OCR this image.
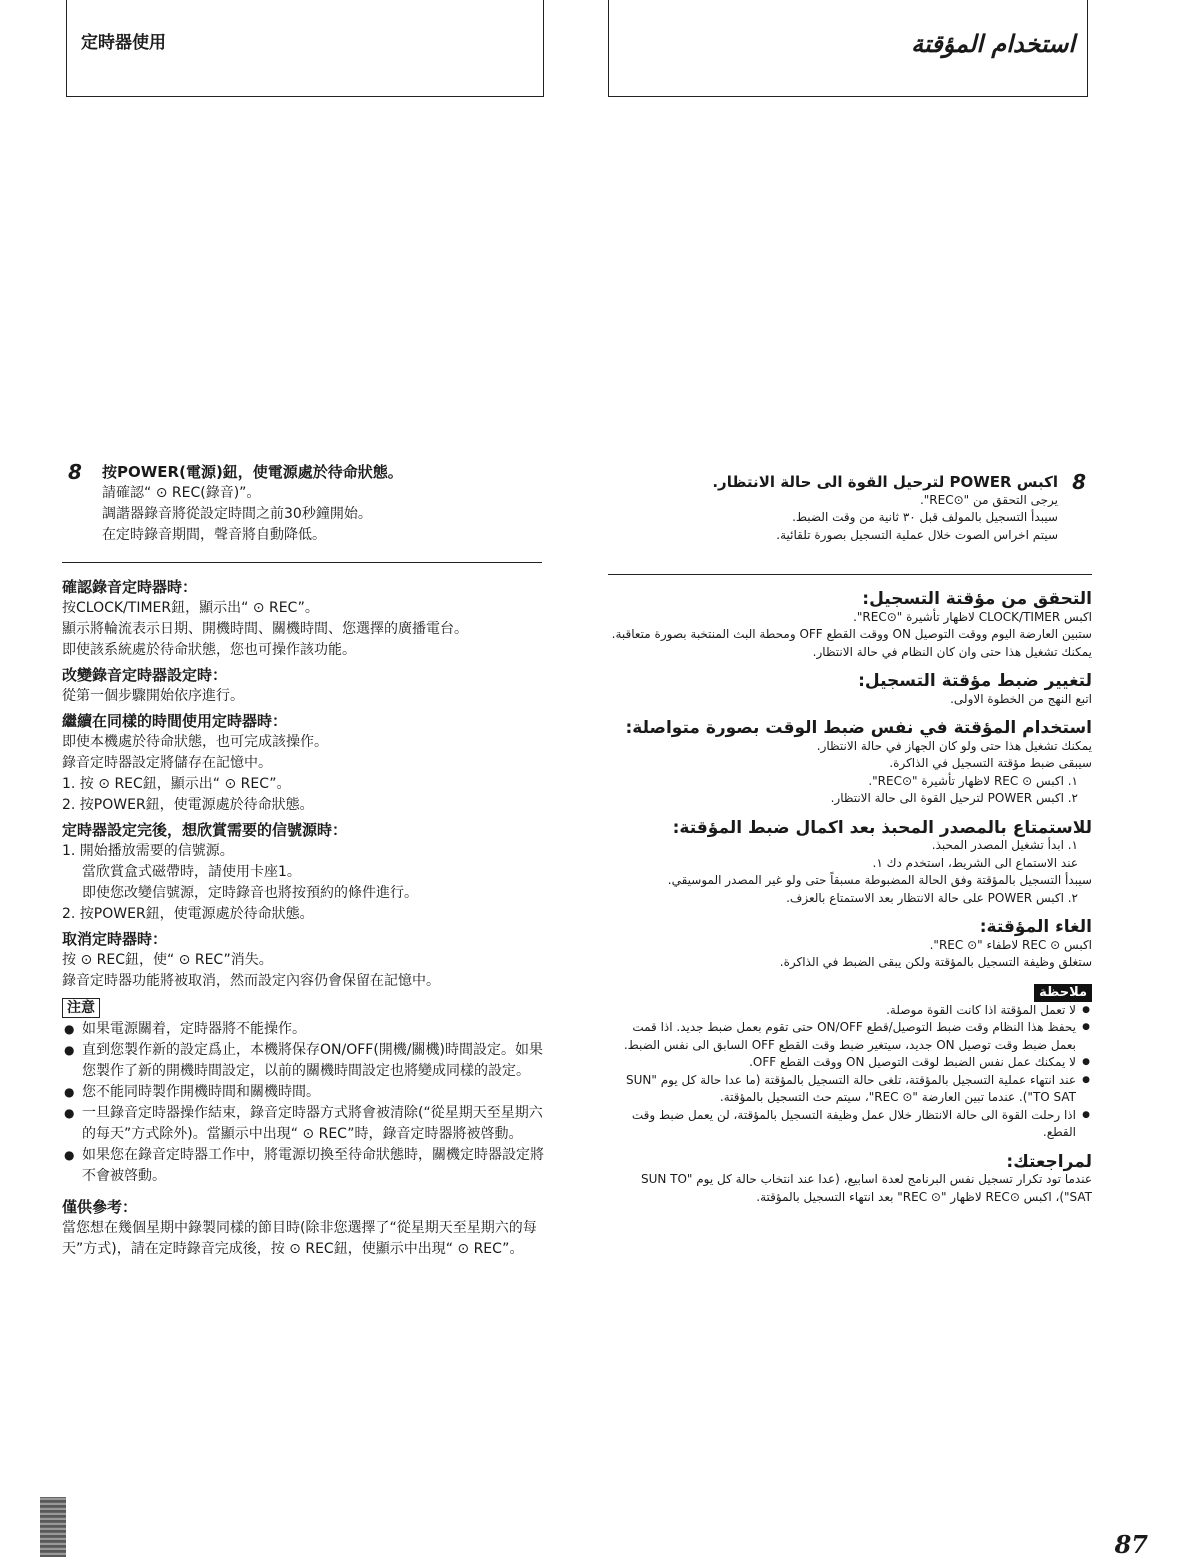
定時器使用	استخدام المؤقتة
8 按POWER(電源)鈕，使電源處於待命狀態。
請確認“ ⊙ REC(錄音)”。
調諧器錄音將從設定時間之前30秒鐘開始。
在定時錄音期間，聲音將自動降低。
確認錄音定時器時：
按CLOCK/TIMER鈕，顯示出“ ⊙ REC”。
顯示將輪流表示日期、開機時間、關機時間、您選擇的廣播電台。
即使該系統處於待命狀態，您也可操作該功能。
改變錄音定時器設定時：
從第一個步驟開始依序進行。
繼續在同樣的時間使用定時器時：
即使本機處於待命狀態，也可完成該操作。
錄音定時器設定將儲存在記憶中。
1. 按 ⊙ REC鈕，顯示出“ ⊙ REC”。
2. 按POWER鈕，使電源處於待命狀態。
定時器設定完後，想欣賞需要的信號源時：
1. 開始播放需要的信號源。
當欣賞盒式磁帶時，請使用卡座1。
即使您改變信號源，定時錄音也將按預約的條件進行。
2. 按POWER鈕，使電源處於待命狀態。
取消定時器時：
按 ⊙ REC鈕，使“ ⊙ REC”消失。
錄音定時器功能將被取消，然而設定內容仍會保留在記憶中。
注意
● 如果電源關着，定時器將不能操作。
● 直到您製作新的設定爲止，本機將保存ON/OFF(開機/關機)時間設定。如果您製作了新的開機時間設定，以前的關機時間設定也將變成同樣的設定。
● 您不能同時製作開機時間和關機時間。
● 一旦錄音定時器操作結束，錄音定時器方式將會被清除(“從星期天至星期六的每天”方式除外)。當顯示中出現“ ⊙ REC”時，錄音定時器將被啓動。
● 如果您在錄音定時器工作中，將電源切換至待命狀態時，關機定時器設定將不會被啓動。
僅供參考：
當您想在幾個星期中錄製同樣的節目時(除非您選擇了“從星期天至星期六的每天”方式)，請在定時錄音完成後，按 ⊙ REC鈕，使顯示中出現“ ⊙ REC”。
8
اكبس POWER لترحيل القوة الى حالة الانتظار.
يرجى التحقق من "⊙REC".
سيبدأ التسجيل بالمولف قبل ٣٠ ثانية من وقت الضبط.
سيتم اخراس الصوت خلال عملية التسجيل بصورة تلقائية.
التحقق من مؤقتة التسجيل:
اكبس CLOCK/TIMER لاظهار تأشيرة "⊙REC".
ستبين العارضة اليوم ووقت التوصيل ON ووقت القطع OFF ومحطة البث المنتخبة بصورة متعاقبة.
يمكنك تشغيل هذا حتى وان كان النظام في حالة الانتظار.
لتغيير ضبط مؤقتة التسجيل:
اتبع النهج من الخطوة الاولى.
استخدام المؤقتة في نفس ضبط الوقت بصورة متواصلة:
يمكنك تشغيل هذا حتى ولو كان الجهاز في حالة الانتظار.
سيبقى ضبط مؤقتة التسجيل في الذاكرة.
١. اكبس ⊙ REC لاظهار تأشيرة "⊙REC".
٢. اكبس POWER لترحيل القوة الى حالة الانتظار.
للاستمتاع بالمصدر المحبذ بعد اكمال ضبط المؤقتة:
١. ابدأ تشغيل المصدر المحبذ.
عند الاستماع الى الشريط، استخدم دك ١.
سيبدأ التسجيل بالمؤقتة وفق الحالة المضبوطة مسبقاً حتى ولو غير المصدر الموسيقي.
٢. اكبس POWER على حالة الانتظار بعد الاستمتاع بالعزف.
الغاء المؤقتة:
اكبس ⊙ REC لاطفاء "⊙ REC".
ستغلق وظيفة التسجيل بالمؤقتة ولكن يبقى الضبط في الذاكرة.
ملاحظة
● لا تعمل المؤقتة اذا كانت القوة موصلة.
● يحفظ هذا النظام وقت ضبط التوصيل/قطع ON/OFF حتى تقوم بعمل ضبط جديد. اذا قمت بعمل ضبط وقت توصيل ON جديد، سيتغير ضبط وقت القطع OFF السابق الى نفس الضبط.
● لا يمكنك عمل نفس الضبط لوقت التوصيل ON ووقت القطع OFF.
● عند انتهاء عملية التسجيل بالمؤقتة، تلغى حالة التسجيل بالمؤقتة (ما عدا حالة كل يوم "SUN TO SAT"). عندما تبين العارضة "⊙ REC"، سيتم حث التسجيل بالمؤقتة.
● اذا رحلت القوة الى حالة الانتظار خلال عمل وظيفة التسجيل بالمؤقتة، لن يعمل ضبط وقت القطع.
لمراجعتك:
عندما تود تكرار تسجيل نفس البرنامج لعدة اسابيع، (عدا عند انتخاب حالة كل يوم "SUN TO SAT")، اكبس ⊙REC لاظهار "⊙ REC" بعد انتهاء التسجيل بالمؤقتة.
87
